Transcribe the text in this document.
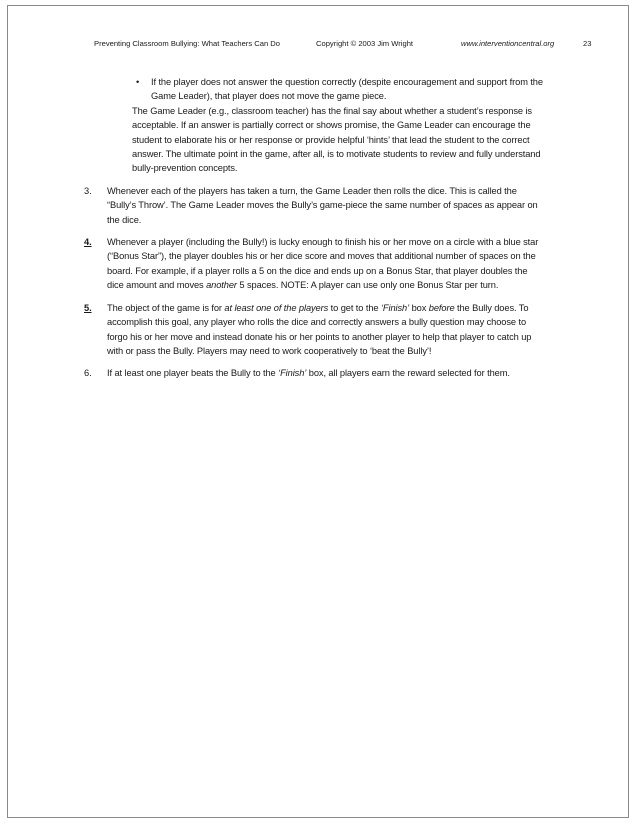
Preventing Classroom Bullying: What Teachers Can Do	Copyright © 2003 Jim Wright	www.interventioncentral.org	23
• If the player does not answer the question correctly (despite encouragement and support from the Game Leader), that player does not move the game piece.
The Game Leader (e.g., classroom teacher) has the final say about whether a student’s response is acceptable. If an answer is partially correct or shows promise, the Game Leader can encourage the student to elaborate his or her response or provide helpful ‘hints’ that lead the student to the correct answer. The ultimate point in the game, after all, is to motivate students to review and fully understand bully-prevention concepts.
3. Whenever each of the players has taken a turn, the Game Leader then rolls the dice. This is called the “Bully’s Throw’. The Game Leader moves the Bully’s game-piece the same number of spaces as appear on the dice.
4. Whenever a player (including the Bully!) is lucky enough to finish his or her move on a circle with a blue star (“Bonus Star”), the player doubles his or her dice score and moves that additional number of spaces on the board. For example, if a player rolls a 5 on the dice and ends up on a Bonus Star, that player doubles the dice amount and moves another 5 spaces. NOTE: A player can use only one Bonus Star per turn.
5. The object of the game is for at least one of the players to get to the ‘Finish’ box before the Bully does. To accomplish this goal, any player who rolls the dice and correctly answers a bully question may choose to forgo his or her move and instead donate his or her points to another player to help that player to catch up with or pass the Bully. Players may need to work cooperatively to ‘beat the Bully’!
6. If at least one player beats the Bully to the ‘Finish’ box, all players earn the reward selected for them.
